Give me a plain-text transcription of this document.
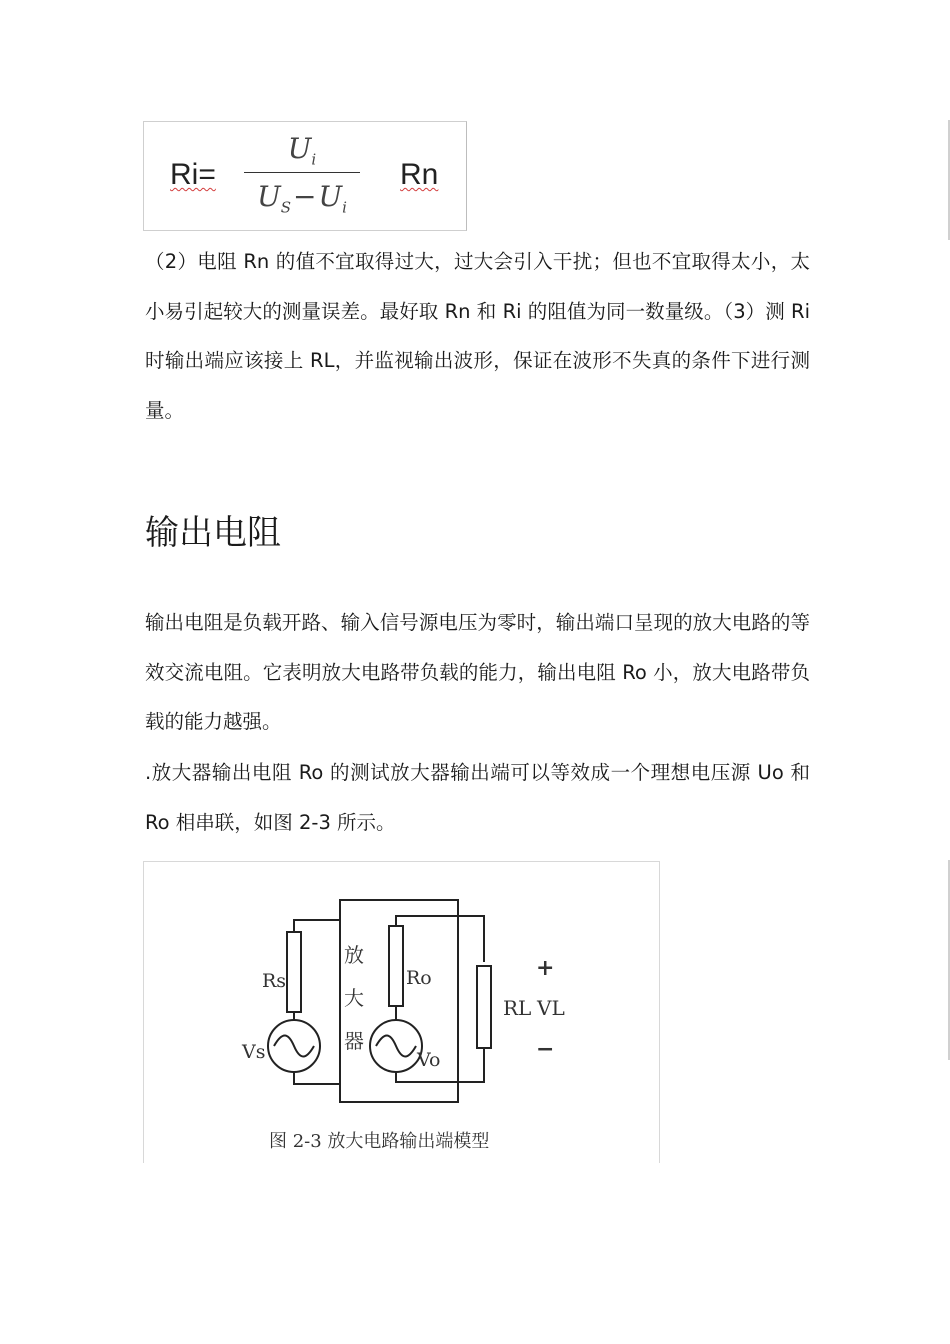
Ri=
$U_i$
$U_S-U_i$
Rn

（2）电阻 Rn 的值不宜取得过大，过大会引入干扰；但也不宜取得太小，太小易引起较大的测量误差。最好取 Rn 和 Ri 的阻值为同一数量级。（3）测 Ri 时输出端应该接上 RL，并监视输出波形，保证在波形不失真的条件下进行测量。

输出电阻

输出电阻是负载开路、输入信号源电压为零时，输出端口呈现的放大电路的等效交流电阻。它表明放大电路带负载的能力，输出电阻 Ro 小，放大电路带负载的能力越强。

.放大器输出电阻 Ro 的测试放大器输出端可以等效成一个理想电压源 Uo 和 Ro 相串联，如图 2-3 所示。

Rs
Vs
放
大
器
Ro
Vo
RL VL
+
−
图 2-3 放大电路输出端模型
